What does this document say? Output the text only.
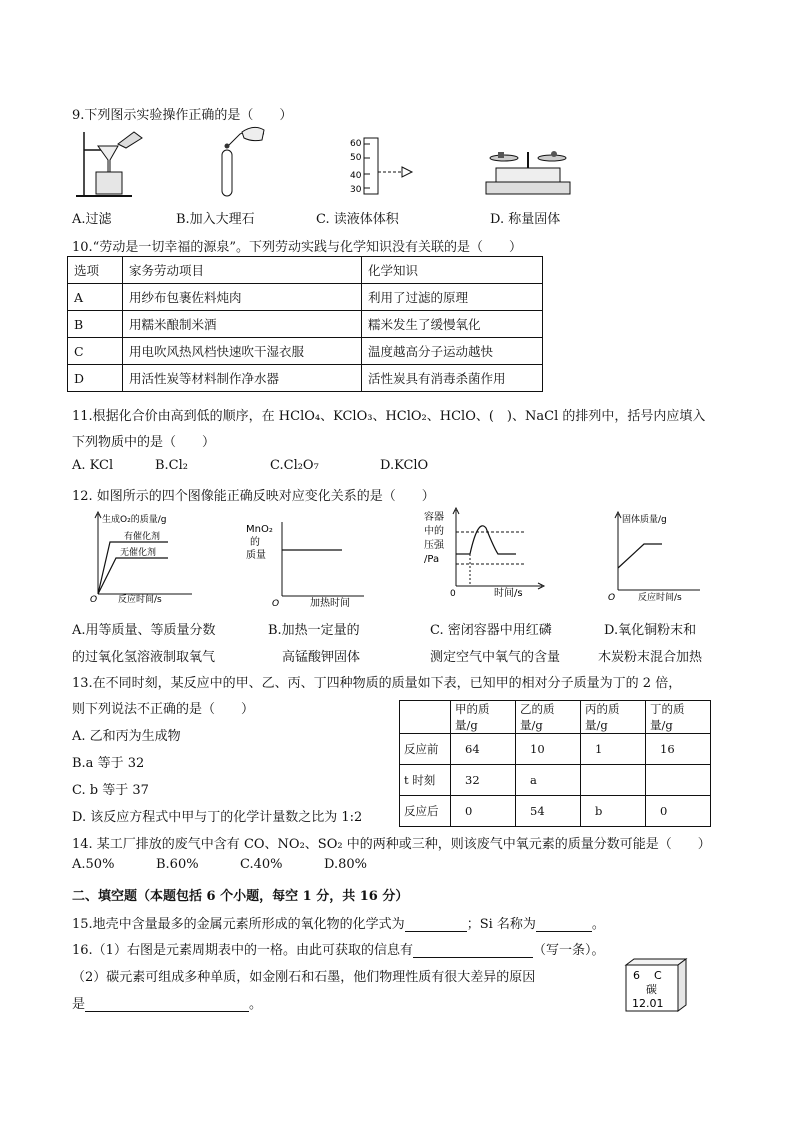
9.下列图示实验操作正确的是（　　）
60
50
40
30
A.过滤	B.加入大理石	C. 读液体体积	D. 称量固体
10.“劳动是一切幸福的源泉”。下列劳动实践与化学知识没有关联的是（　　）
选项	家务劳动项目	化学知识
A	用纱布包裹佐料炖肉	利用了过滤的原理
B	用糯米酿制米酒	糯米发生了缓慢氧化
C	用电吹风热风档快速吹干湿衣服	温度越高分子运动越快
D	用活性炭等材料制作净水器	活性炭具有消毒杀菌作用
11.根据化合价由高到低的顺序，在 HClO₄、KClO₃、HClO₂、HClO、(　)、NaCl 的排列中，括号内应填入
下列物质中的是（　　）
A. KCl	B.Cl₂	C.Cl₂O₇	D.KClO
12. 如图所示的四个图像能正确反映对应变化关系的是（　　）
生成O₂的质量/g
有催化剂
无催化剂
O 反应时间/s
MnO₂
的
质量
O	加热时间
容器
中的
压强
/Pa
0	时间/s
固体质量/g
O	反应时间/s
A.用等质量、等质量分数	B.加热一定量的	C. 密闭容器中用红磷	D.氧化铜粉末和
的过氧化氢溶液制取氧气	高锰酸钾固体	测定空气中氧气的含量	木炭粉末混合加热
13.在不同时刻，某反应中的甲、乙、丙、丁四种物质的质量如下表，已知甲的相对分子质量为丁的 2 倍，
则下列说法不正确的是（　　）
A. 乙和丙为生成物
B.a 等于 32
C. b 等于 37
D. 该反应方程式中甲与丁的化学计量数之比为 1:2
	甲的质量/g	乙的质量/g	丙的质量/g	丁的质量/g
反应前	64	10	1	16
t 时刻	32	a		
反应后	0	54	b	0
14. 某工厂排放的废气中含有 CO、NO₂、SO₂ 中的两种或三种，则该废气中氧元素的质量分数可能是（　　）
A.50%	B.60%	C.40%	D.80%
二、填空题（本题包括 6 个小题，每空 1 分，共 16 分）
15.地壳中含量最多的金属元素所形成的氧化物的化学式为	；Si 名称为	。
16.（1）右图是元素周期表中的一格。由此可获取的信息有	（写一条）。
（2）碳元素可组成多种单质，如金刚石和石墨，他们物理性质有很大差异的原因
是	。
6 C
碳
12.01
